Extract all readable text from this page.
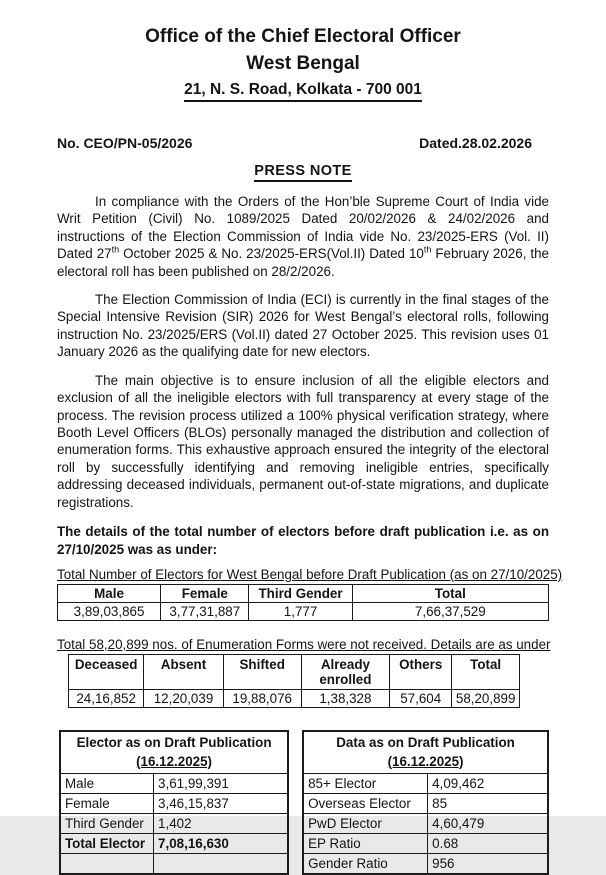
Office of the Chief Electoral Officer
West Bengal
21, N. S. Road, Kolkata - 700 001
No. CEO/PN-05/2026	Dated.28.02.2026
PRESS NOTE

In compliance with the Orders of the Hon’ble Supreme Court of India vide Writ Petition (Civil) No. 1089/2025 Dated 20/02/2026 & 24/02/2026 and instructions of the Election Commission of India vide No. 23/2025-ERS (Vol. II) Dated 27th October 2025 & No. 23/2025-ERS(Vol.II) Dated 10th February 2026, the electoral roll has been published on 28/2/2026.

The Election Commission of India (ECI) is currently in the final stages of the Special Intensive Revision (SIR) 2026 for West Bengal’s electoral rolls, following instruction No. 23/2025/ERS (Vol.II) dated 27 October 2025. This revision uses 01 January 2026 as the qualifying date for new electors.

The main objective is to ensure inclusion of all the eligible electors and exclusion of all the ineligible electors with full transparency at every stage of the process. The revision process utilized a 100% physical verification strategy, where Booth Level Officers (BLOs) personally managed the distribution and collection of enumeration forms. This exhaustive approach ensured the integrity of the electoral roll by successfully identifying and removing ineligible entries, specifically addressing deceased individuals, permanent out-of-state migrations, and duplicate registrations.

The details of the total number of electors before draft publication i.e. as on 27/10/2025 was as under:

Total Number of Electors for West Bengal before Draft Publication (as on 27/10/2025)
Male	Female	Third Gender	Total
3,89,03,865	3,77,31,887	1,777	7,66,37,529
Total 58,20,899 nos. of Enumeration Forms were not received. Details are as under
Deceased	Absent	Shifted	Already enrolled	Others	Total
24,16,852	12,20,039	19,88,076	1,38,328	57,604	58,20,899
Elector as on Draft Publication
(16.12.2025)	
Male	3,61,99,391
Female	3,46,15,837
Third Gender	1,402
Total Elector	7,08,16,630

Data as on Draft Publication
(16.12.2025)	
85+ Elector	4,09,462
Overseas Elector	85
PwD Elector	4,60,479
EP Ratio	0.68
Gender Ratio	956
